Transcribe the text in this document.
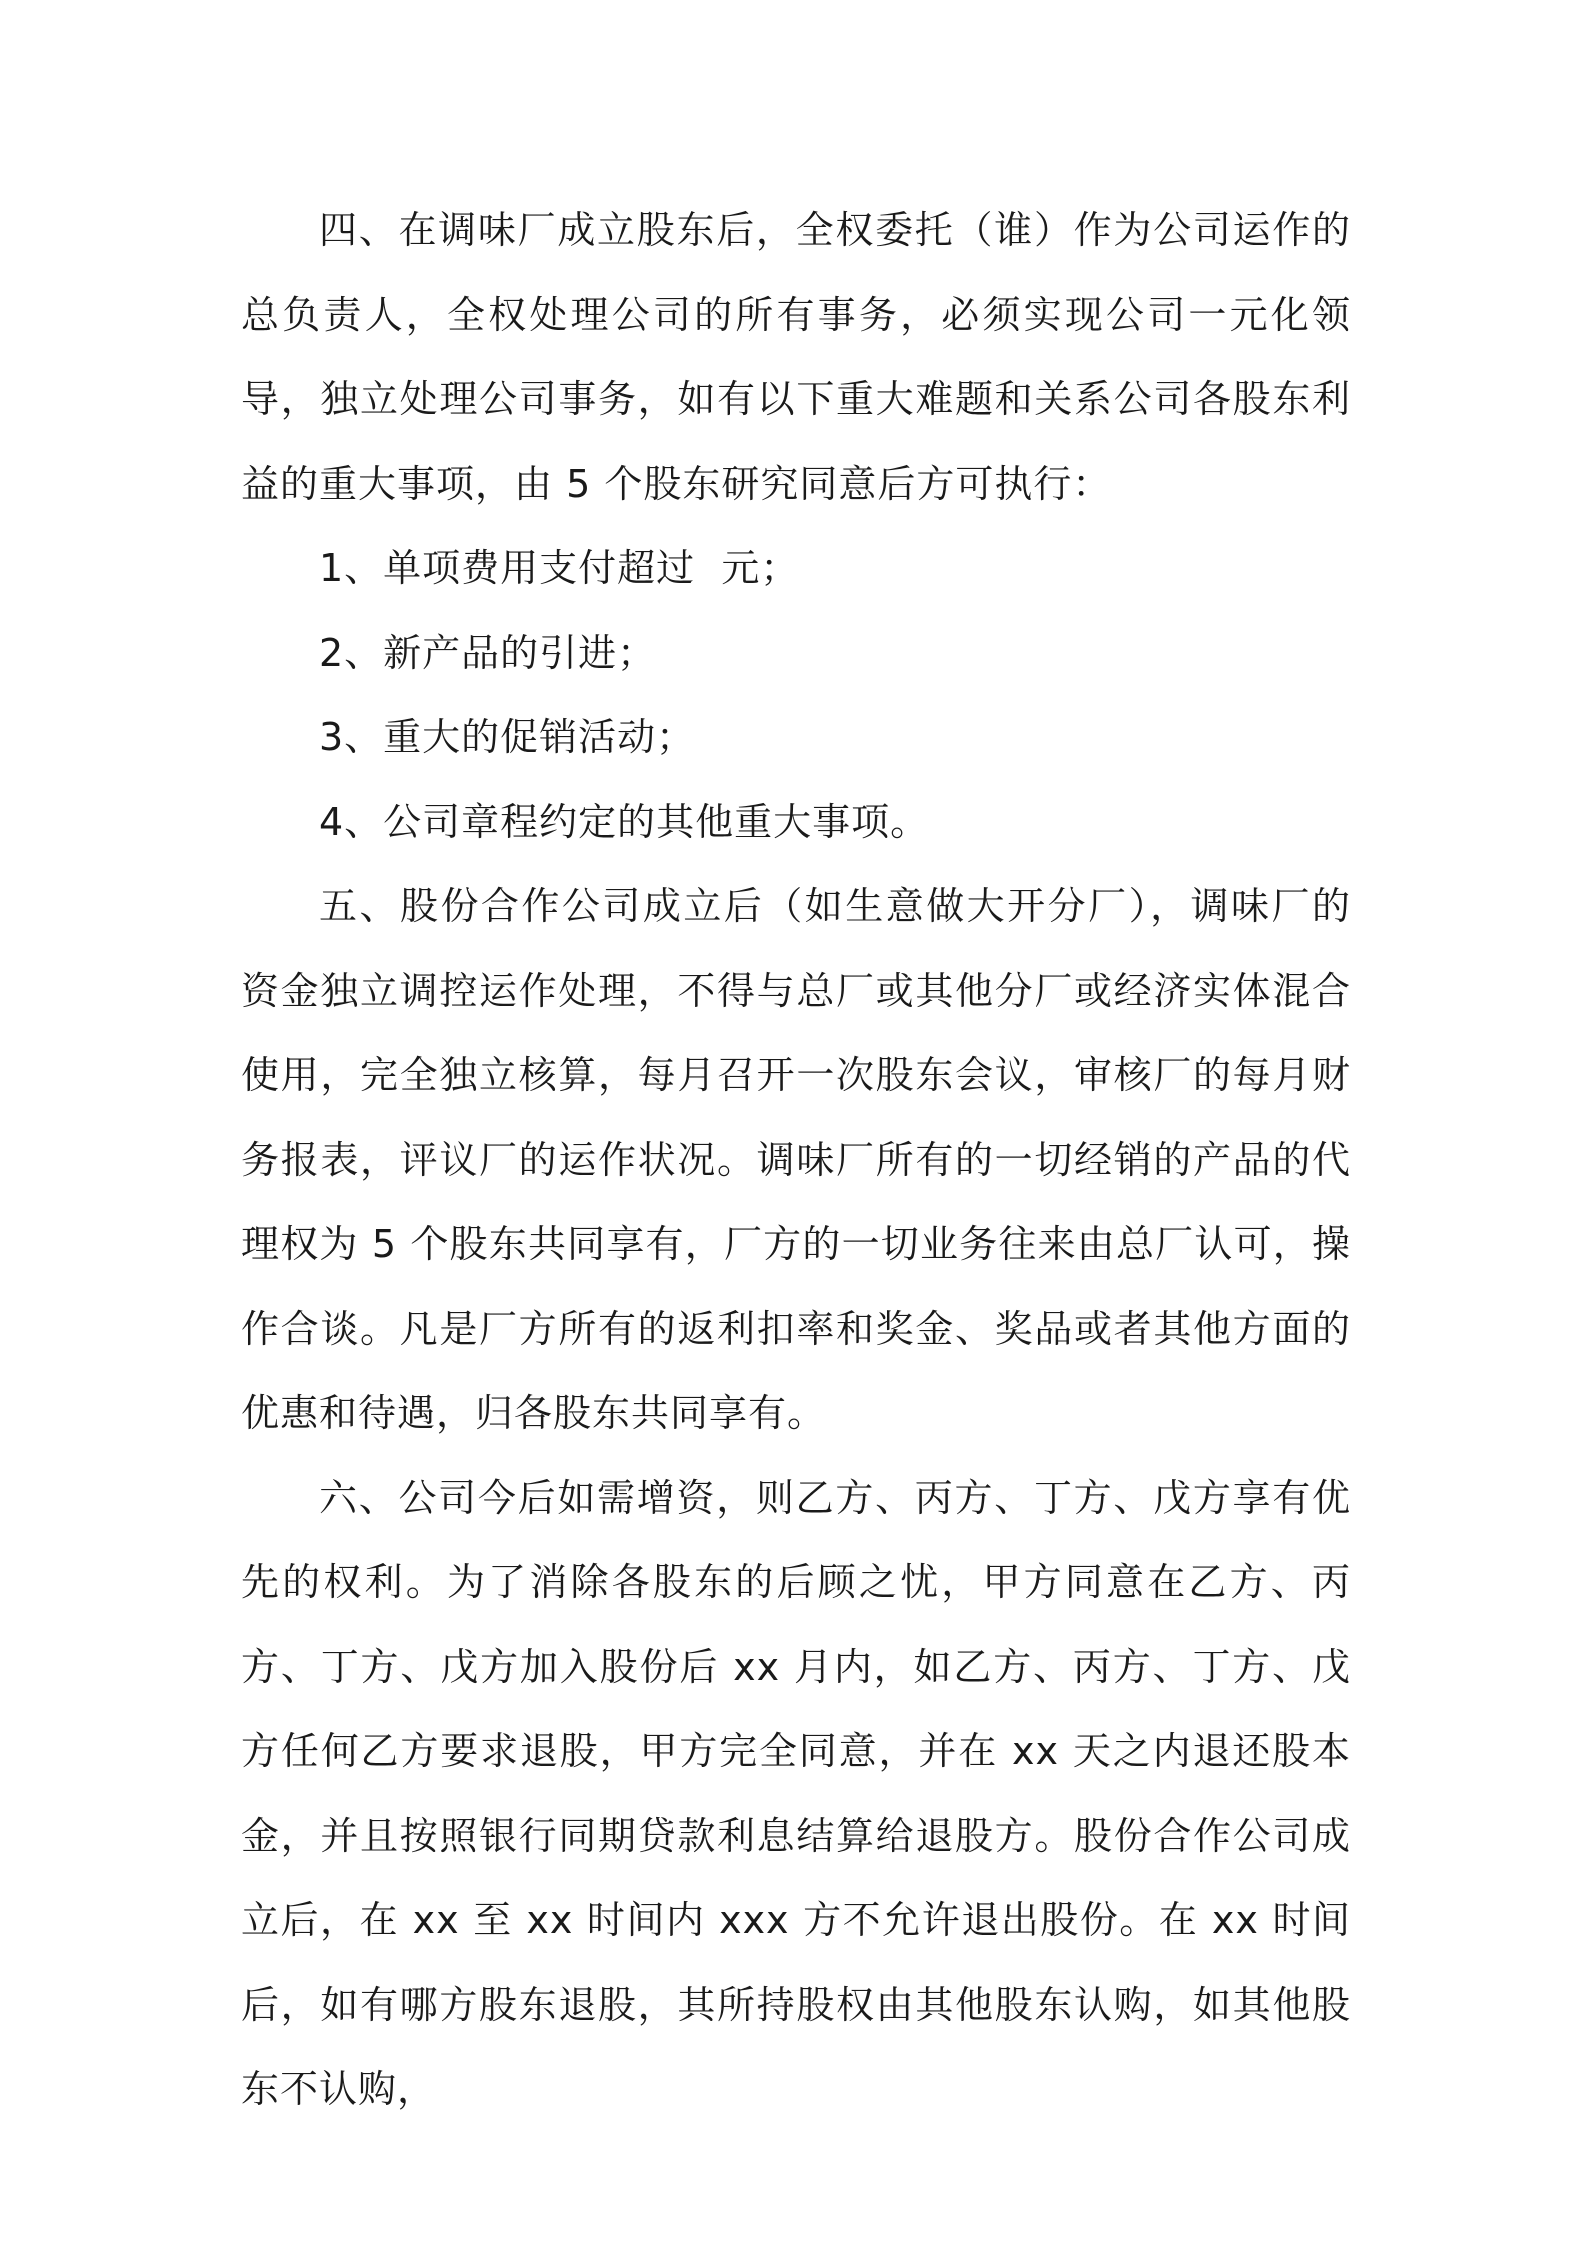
四、在调味厂成立股东后，全权委托（谁）作为公司运作的总负责人，全权处理公司的所有事务，必须实现公司一元化领导，独立处理公司事务，如有以下重大难题和关系公司各股东利益的重大事项，由 5 个股东研究同意后方可执行：

1、单项费用支付超过  元；

2、新产品的引进；

3、重大的促销活动；

4、公司章程约定的其他重大事项。

五、股份合作公司成立后（如生意做大开分厂），调味厂的资金独立调控运作处理，不得与总厂或其他分厂或经济实体混合使用，完全独立核算，每月召开一次股东会议，审核厂的每月财务报表，评议厂的运作状况。调味厂所有的一切经销的产品的代理权为 5 个股东共同享有，厂方的一切业务往来由总厂认可，操作合谈。凡是厂方所有的返利扣率和奖金、奖品或者其他方面的优惠和待遇，归各股东共同享有。

六、公司今后如需增资，则乙方、丙方、丁方、戊方享有优先的权利。为了消除各股东的后顾之忧，甲方同意在乙方、丙方、丁方、戊方加入股份后 xx 月内，如乙方、丙方、丁方、戊方任何乙方要求退股，甲方完全同意，并在 xx 天之内退还股本金，并且按照银行同期贷款利息结算给退股方。股份合作公司成立后，在 xx 至 xx 时间内 xxx 方不允许退出股份。在 xx 时间后，如有哪方股东退股，其所持股权由其他股东认购，如其他股东不认购，
